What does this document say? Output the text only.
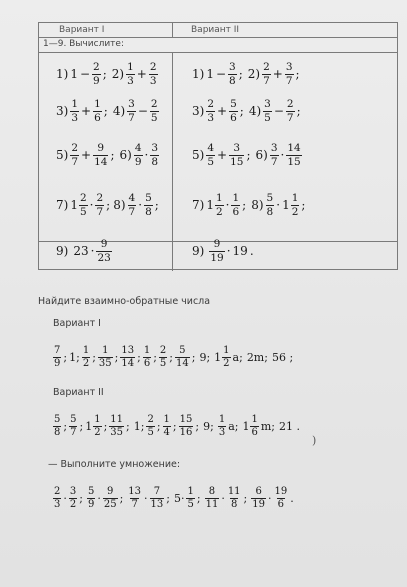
Вариант I	Вариант II
1—9. Вычислите:
1) $1 - \frac{2}{9}$ ; $2) \frac{1}{3} + \frac{2}{3}$
$3) \frac{1}{3} + \frac{1}{6}$ ; $4) \frac{3}{7} - \frac{2}{5}$
$5) \frac{2}{7} + \frac{9}{14}$ ; $6) \frac{4}{9} \cdot \frac{3}{8}$
7) $1 \frac{2}{5} \cdot \frac{2}{7}$ ; $8) \frac{4}{7} \cdot \frac{5}{8}$ ;
9) $23 \cdot \frac{9}{23}$
1) $1 - \frac{3}{8}$ ; $2) \frac{2}{7} + \frac{3}{7}$ ;
$3) \frac{2}{3} + \frac{5}{6}$ ; $4) \frac{3}{5} - \frac{2}{7}$ ;
$5) \frac{4}{5} + \frac{3}{15}$ ; $6) \frac{3}{7} \cdot \frac{14}{15}$
7) $1 \frac{1}{2} \cdot \frac{1}{6}$ ; $8) \frac{5}{8} \cdot 1 \frac{1}{2}$ ;
$9) \frac{9}{19} \cdot 19$ .
Найдите взаимно-обратные числа
Вариант I
$\frac{7}{9}$ ; 1; $\frac{1}{2}$ ; $\frac{1}{35}$ ; $\frac{13}{14}$ ; $\frac{1}{6}$ ; $\frac{2}{5}$ ; $\frac{5}{14}$ ; 9; $1 \frac{1}{2} a$; 2m; 56 ;
Вариант II
$\frac{5}{8}$ ; $\frac{5}{7}$ ; $1 \frac{1}{2}$ ; $\frac{11}{35}$ ; 1; $\frac{2}{5}$ ; $\frac{1}{4}$ ; $\frac{15}{16}$ ; 9; $\frac{1}{3} a$; $1 \frac{1}{6} m$; 21 .
)
— Выполните умножение:
$\frac{2}{3} \cdot \frac{3}{2}$ ; $\frac{5}{9} \cdot \frac{9}{25}$ ; $\frac{13}{7} \cdot \frac{7}{13}$ ; $5\cdot \frac{1}{5}$ ; $\frac{8}{11} \cdot \frac{11}{8}$ ; $\frac{6}{19} \cdot \frac{19}{6}$ .
